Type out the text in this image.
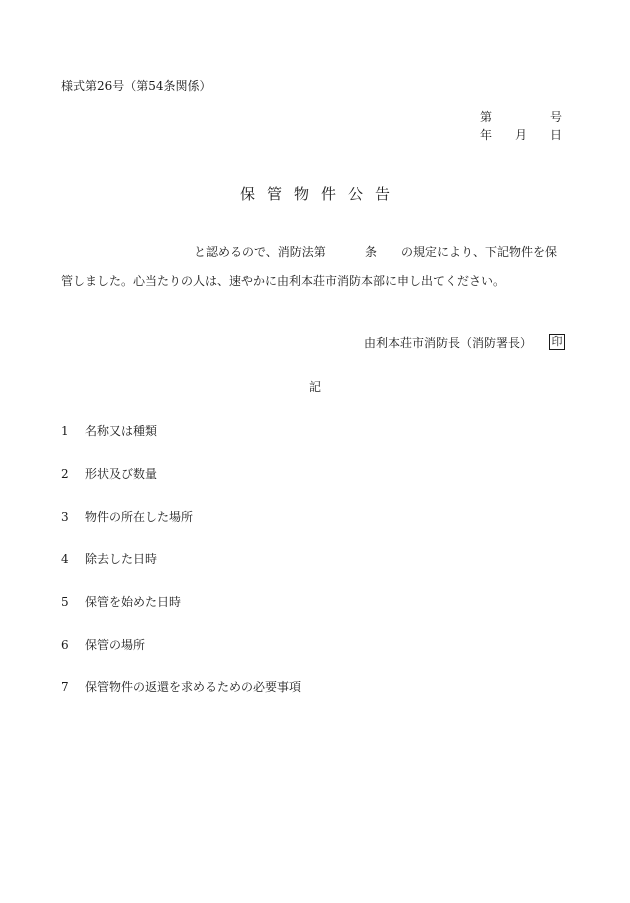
様式第26号（第54条関係）
第	号
年 月 日
保 管 物 件 公 告
と認めるので、消防法第	条 の規定により、下記物件を保
管しました。心当たりの人は、速やかに由利本荘市消防本部に申し出てください。
由利本荘市消防長（消防署長） 印
記
1 名称又は種類
2 形状及び数量
3 物件の所在した場所
4 除去した日時
5 保管を始めた日時
6 保管の場所
7 保管物件の返還を求めるための必要事項
